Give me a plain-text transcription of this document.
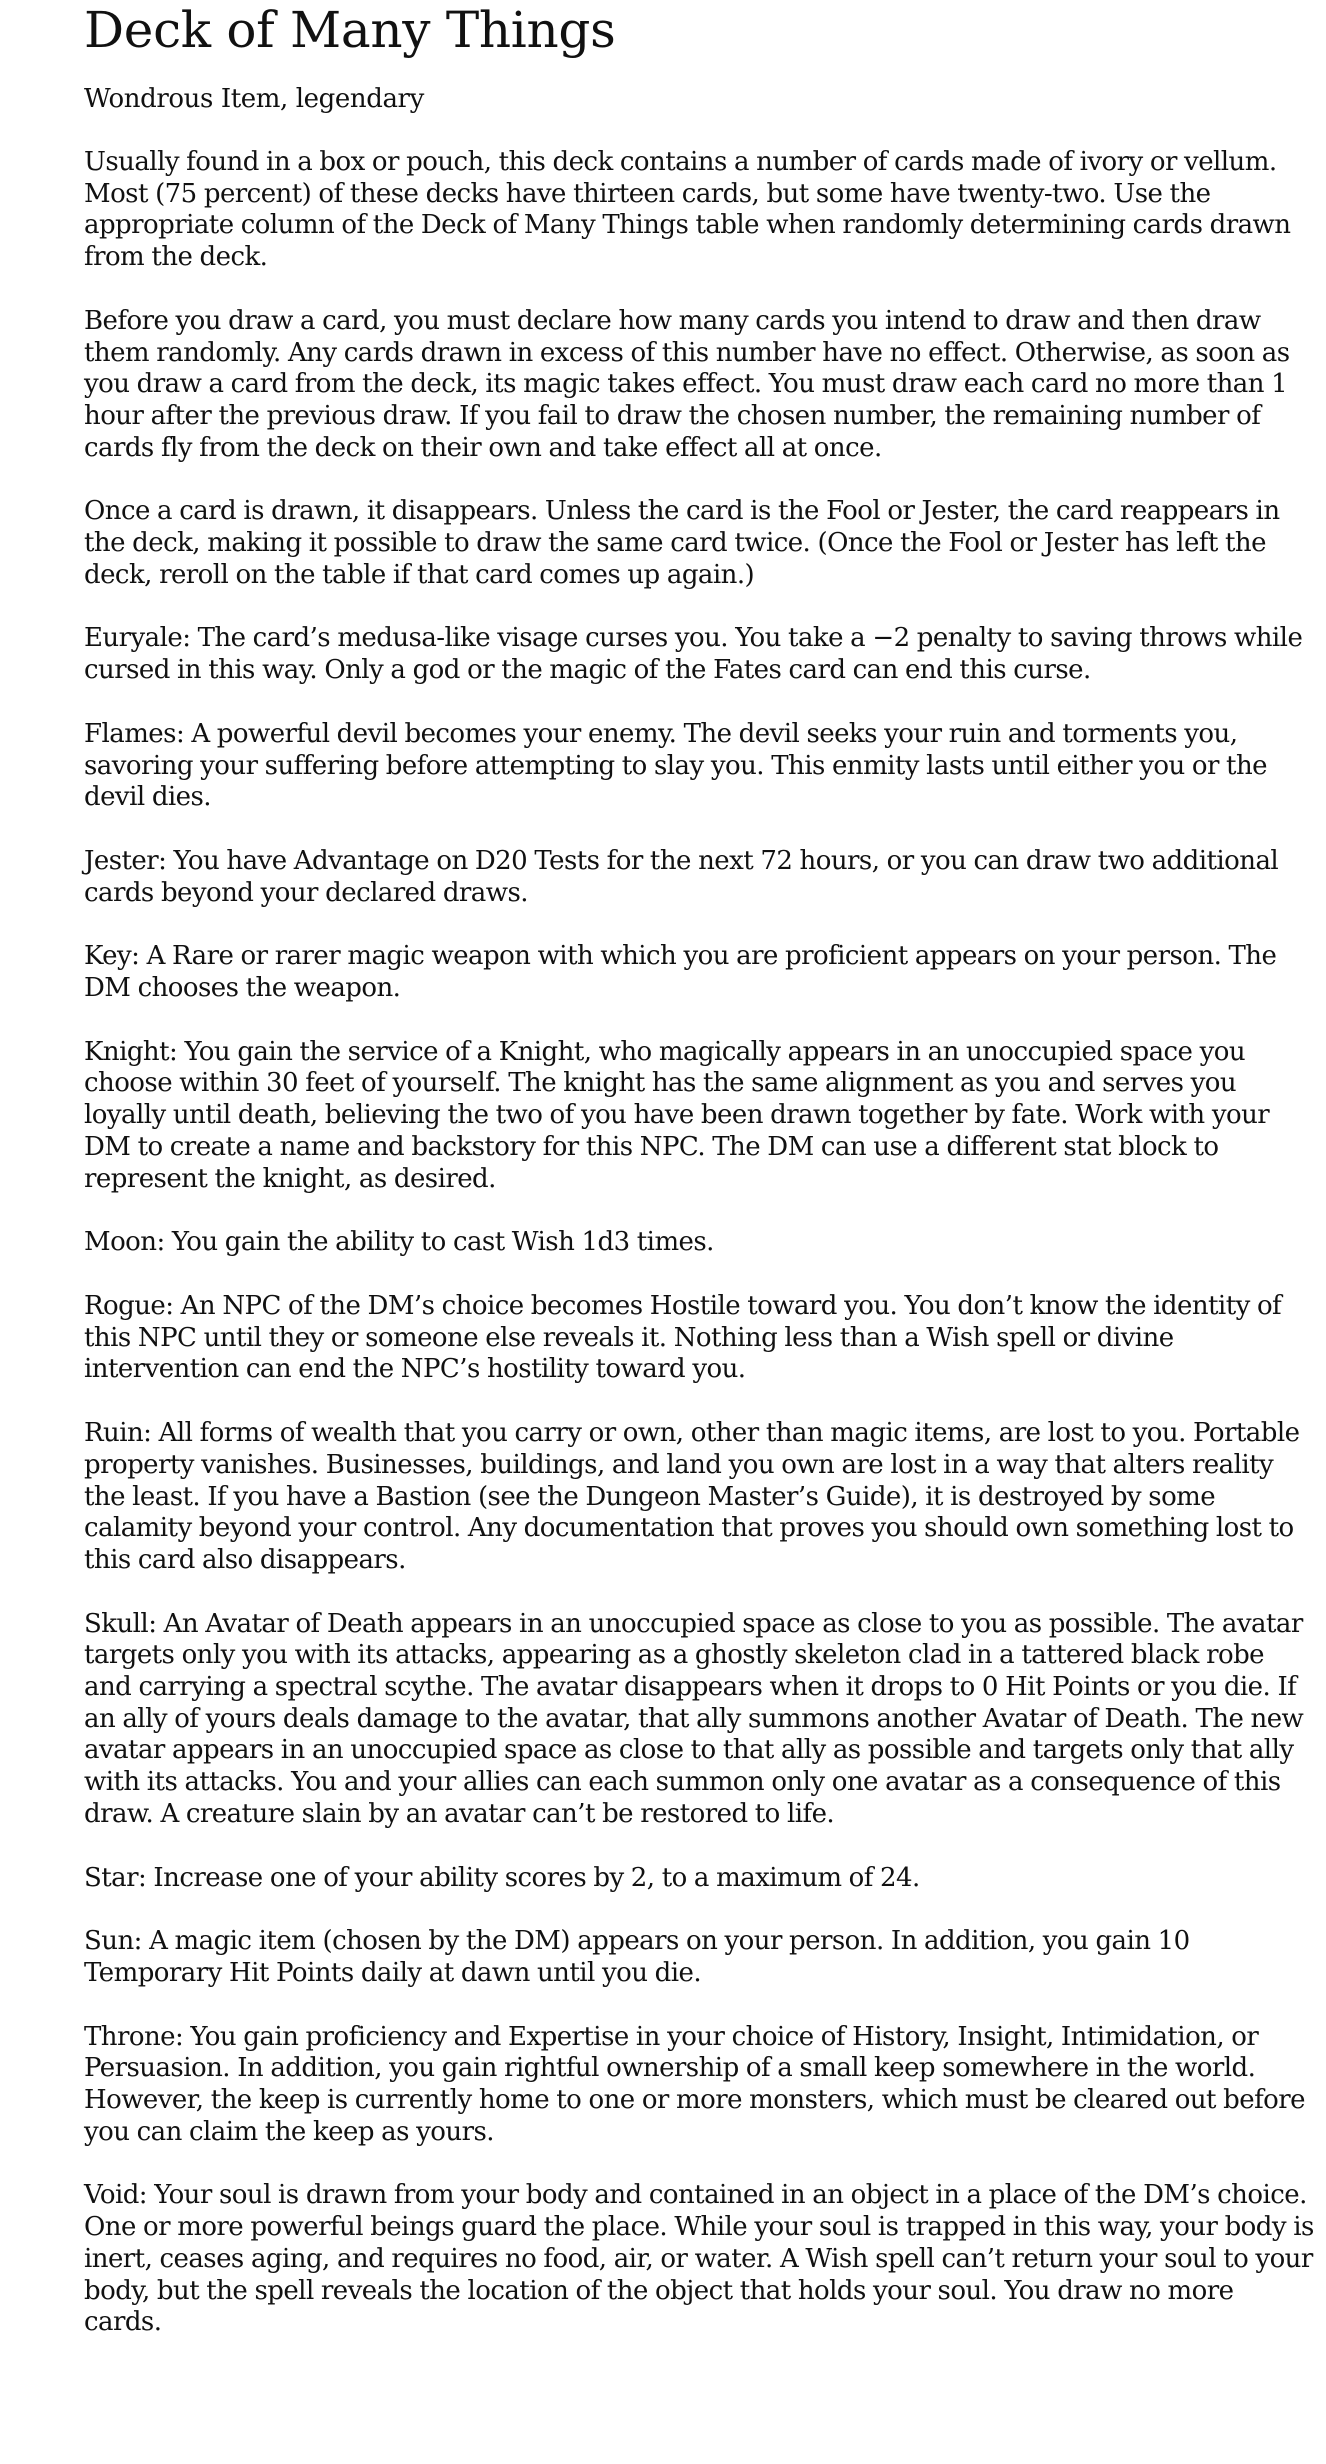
Deck of Many Things
Wondrous Item, legendary

Usually found in a box or pouch, this deck contains a number of cards made of ivory or vellum. Most (75 percent) of these decks have thirteen cards, but some have twenty-two. Use the appropriate column of the Deck of Many Things table when randomly determining cards drawn from the deck.

Before you draw a card, you must declare how many cards you intend to draw and then draw them randomly. Any cards drawn in excess of this number have no effect. Otherwise, as soon as you draw a card from the deck, its magic takes effect. You must draw each card no more than 1 hour after the previous draw. If you fail to draw the chosen number, the remaining number of cards fly from the deck on their own and take effect all at once.

Once a card is drawn, it disappears. Unless the card is the Fool or Jester, the card reappears in the deck, making it possible to draw the same card twice. (Once the Fool or Jester has left the deck, reroll on the table if that card comes up again.)

Euryale: The card’s medusa-like visage curses you. You take a −2 penalty to saving throws while cursed in this way. Only a god or the magic of the Fates card can end this curse.

Flames: A powerful devil becomes your enemy. The devil seeks your ruin and torments you, savoring your suffering before attempting to slay you. This enmity lasts until either you or the devil dies.

Jester: You have Advantage on D20 Tests for the next 72 hours, or you can draw two additional cards beyond your declared draws.

Key: A Rare or rarer magic weapon with which you are proficient appears on your person. The DM chooses the weapon.

Knight: You gain the service of a Knight, who magically appears in an unoccupied space you choose within 30 feet of yourself. The knight has the same alignment as you and serves you loyally until death, believing the two of you have been drawn together by fate. Work with your DM to create a name and backstory for this NPC. The DM can use a different stat block to represent the knight, as desired.

Moon: You gain the ability to cast Wish 1d3 times.

Rogue: An NPC of the DM’s choice becomes Hostile toward you. You don’t know the identity of this NPC until they or someone else reveals it. Nothing less than a Wish spell or divine intervention can end the NPC’s hostility toward you.

Ruin: All forms of wealth that you carry or own, other than magic items, are lost to you. Portable property vanishes. Businesses, buildings, and land you own are lost in a way that alters reality the least. If you have a Bastion (see the Dungeon Master’s Guide), it is destroyed by some calamity beyond your control. Any documentation that proves you should own something lost to this card also disappears.

Skull: An Avatar of Death appears in an unoccupied space as close to you as possible. The avatar targets only you with its attacks, appearing as a ghostly skeleton clad in a tattered black robe and carrying a spectral scythe. The avatar disappears when it drops to 0 Hit Points or you die. If an ally of yours deals damage to the avatar, that ally summons another Avatar of Death. The new avatar appears in an unoccupied space as close to that ally as possible and targets only that ally with its attacks. You and your allies can each summon only one avatar as a consequence of this draw. A creature slain by an avatar can’t be restored to life.

Star: Increase one of your ability scores by 2, to a maximum of 24.

Sun: A magic item (chosen by the DM) appears on your person. In addition, you gain 10 Temporary Hit Points daily at dawn until you die.

Throne: You gain proficiency and Expertise in your choice of History, Insight, Intimidation, or Persuasion. In addition, you gain rightful ownership of a small keep somewhere in the world. However, the keep is currently home to one or more monsters, which must be cleared out before you can claim the keep as yours.

Void: Your soul is drawn from your body and contained in an object in a place of the DM’s choice. One or more powerful beings guard the place. While your soul is trapped in this way, your body is inert, ceases aging, and requires no food, air, or water. A Wish spell can’t return your soul to your body, but the spell reveals the location of the object that holds your soul. You draw no more cards.
